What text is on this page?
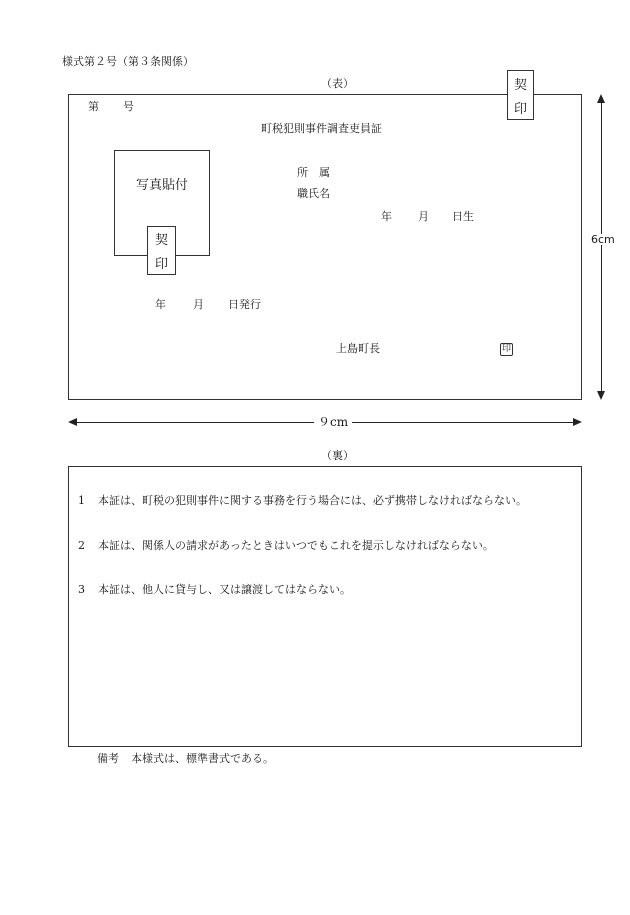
様式第２号（第３条関係）
（表）	契
印
第 号
町税犯則事件調査吏員証
写真貼付
契
印
所　属
職氏名
年 月 日生
年 月 日発行
上島町長	印
6cm
９cm
（裏）
1 本証は、町税の犯則事件に関する事務を行う場合には、必ず携帯しなければならない。
2 本証は、関係人の請求があったときはいつでもこれを提示しなければならない。
3 本証は、他人に貸与し、又は譲渡してはならない。
備考 本様式は、標準書式である。
